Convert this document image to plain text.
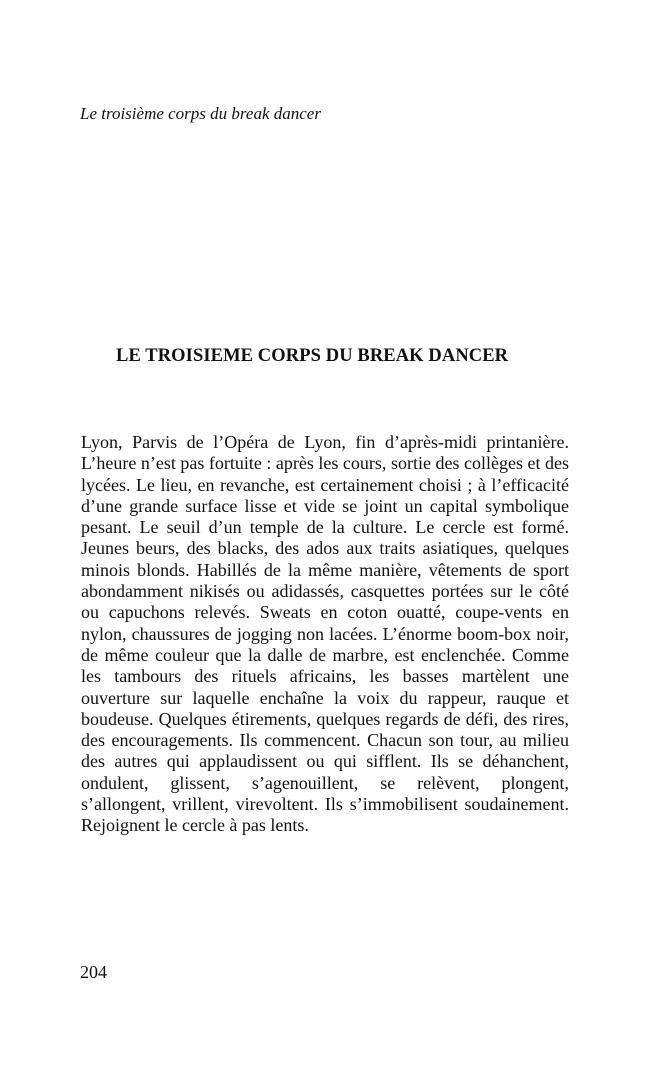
Le troisième corps du break dancer
LE TROISIEME CORPS DU BREAK DANCER

Lyon, Parvis de l’Opéra de Lyon, fin d’après-midi printanière. L’heure n’est pas fortuite : après les cours, sortie des collèges et des lycées. Le lieu, en revanche, est certainement choisi ; à l’efficacité d’une grande surface lisse et vide se joint un capital symbolique pesant. Le seuil d’un temple de la culture. Le cercle est formé. Jeunes beurs, des blacks, des ados aux traits asiatiques, quelques minois blonds. Habillés de la même manière, vêtements de sport abondamment nikisés ou adidassés, casquettes portées sur le côté ou capuchons relevés. Sweats en coton ouatté, coupe-vents en nylon, chaussures de jogging non lacées. L’énorme boom-box noir, de même couleur que la dalle de marbre, est enclenchée. Comme les tambours des rituels africains, les basses martèlent une ouverture sur laquelle enchaîne la voix du rappeur, rauque et boudeuse. Quelques étirements, quelques regards de défi, des rires, des encouragements. Ils commencent. Chacun son tour, au milieu des autres qui applaudissent ou qui sifflent. Ils se déhanchent, ondulent, glissent, s’agenouillent, se relèvent, plongent, s’allongent, vrillent, virevoltent. Ils s’immobilisent soudainement. Rejoignent le cercle à pas lents.

204
